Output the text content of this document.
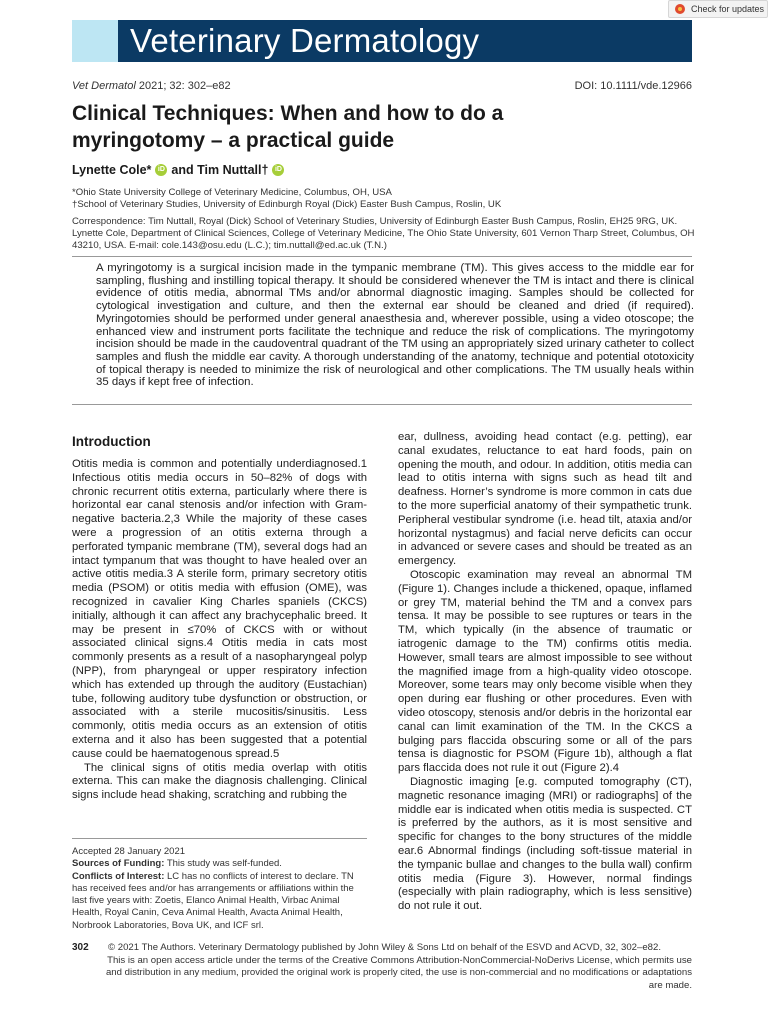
Check for updates
Veterinary Dermatology
Vet Dermatol 2021; 32: 302–e82	DOI: 10.1111/vde.12966
Clinical Techniques: When and how to do a myringotomy – a practical guide
Lynette Cole* iD and Tim Nuttall† iD
*Ohio State University College of Veterinary Medicine, Columbus, OH, USA
†School of Veterinary Studies, University of Edinburgh Royal (Dick) Easter Bush Campus, Roslin, UK
Correspondence: Tim Nuttall, Royal (Dick) School of Veterinary Studies, University of Edinburgh Easter Bush Campus, Roslin, EH25 9RG, UK. Lynette Cole, Department of Clinical Sciences, College of Veterinary Medicine, The Ohio State University, 601 Vernon Tharp Street, Columbus, OH 43210, USA. E-mail: cole.143@osu.edu (L.C.); tim.nuttall@ed.ac.uk (T.N.)
A myringotomy is a surgical incision made in the tympanic membrane (TM). This gives access to the middle ear for sampling, flushing and instilling topical therapy. It should be considered whenever the TM is intact and there is clinical evidence of otitis media, abnormal TMs and/or abnormal diagnostic imaging. Samples should be collected for cytological investigation and culture, and then the external ear should be cleaned and dried (if required). Myringotomies should be performed under general anaesthesia and, wherever possible, using a video otoscope; the enhanced view and instrument ports facilitate the technique and reduce the risk of complications. The myringotomy incision should be made in the caudoventral quadrant of the TM using an appropriately sized urinary catheter to collect samples and flush the middle ear cavity. A thorough understanding of the anatomy, technique and potential ototoxicity of topical therapy is needed to minimize the risk of neurological and other complications. The TM usually heals within 35 days if kept free of infection.
Introduction

Otitis media is common and potentially underdiagnosed.1 Infectious otitis media occurs in 50–82% of dogs with chronic recurrent otitis externa, particularly where there is horizontal ear canal stenosis and/or infection with Gram-negative bacteria.2,3 While the majority of these cases were a progression of an otitis externa through a perforated tympanic membrane (TM), several dogs had an intact tympanum that was thought to have healed over an active otitis media.3 A sterile form, primary secretory otitis media (PSOM) or otitis media with effusion (OME), was recognized in cavalier King Charles spaniels (CKCS) initially, although it can affect any brachycephalic breed. It may be present in ≤70% of CKCS with or without associated clinical signs.4 Otitis media in cats most commonly presents as a result of a nasopharyngeal polyp (NPP), from pharyngeal or upper respiratory infection which has extended up through the auditory (Eustachian) tube, following auditory tube dysfunction or obstruction, or associated with a sterile mucositis/sinusitis. Less commonly, otitis media occurs as an extension of otitis externa and it also has been suggested that a potential cause could be haematogenous spread.5

The clinical signs of otitis media overlap with otitis externa. This can make the diagnosis challenging. Clinical signs include head shaking, scratching and rubbing the

ear, dullness, avoiding head contact (e.g. petting), ear canal exudates, reluctance to eat hard foods, pain on opening the mouth, and odour. In addition, otitis media can lead to otitis interna with signs such as head tilt and deafness. Horner’s syndrome is more common in cats due to the more superficial anatomy of their sympathetic trunk. Peripheral vestibular syndrome (i.e. head tilt, ataxia and/or horizontal nystagmus) and facial nerve deficits can occur in advanced or severe cases and should be treated as an emergency.

Otoscopic examination may reveal an abnormal TM (Figure 1). Changes include a thickened, opaque, inflamed or grey TM, material behind the TM and a convex pars tensa. It may be possible to see ruptures or tears in the TM, which typically (in the absence of traumatic or iatrogenic damage to the TM) confirms otitis media. However, small tears are almost impossible to see without the magnified image from a high-quality video otoscope. Moreover, some tears may only become visible when they open during ear flushing or other procedures. Even with video otoscopy, stenosis and/or debris in the horizontal ear canal can limit examination of the TM. In the CKCS a bulging pars flaccida obscuring some or all of the pars tensa is diagnostic for PSOM (Figure 1b), although a flat pars flaccida does not rule it out (Figure 2).4

Diagnostic imaging [e.g. computed tomography (CT), magnetic resonance imaging (MRI) or radiographs] of the middle ear is indicated when otitis media is suspected. CT is preferred by the authors, as it is most sensitive and specific for changes to the bony structures of the middle ear.6 Abnormal findings (including soft-tissue material in the tympanic bullae and changes to the bulla wall) confirm otitis media (Figure 3). However, normal findings (especially with plain radiography, which is less sensitive) do not rule it out.

Accepted 28 January 2021

Sources of Funding: This study was self-funded.

Conflicts of Interest: LC has no conflicts of interest to declare. TN has received fees and/or has arrangements or affiliations within the last five years with: Zoetis, Elanco Animal Health, Virbac Animal Health, Royal Canin, Ceva Animal Health, Avacta Animal Health, Norbrook Laboratories, Bova UK, and ICF srl.

302 © 2021 The Authors. Veterinary Dermatology published by John Wiley & Sons Ltd on behalf of the ESVD and ACVD, 32, 302–e82.
This is an open access article under the terms of the Creative Commons Attribution-NonCommercial-NoDerivs License, which permits use and distribution in any medium, provided the original work is properly cited, the use is non-commercial and no modifications or adaptations are made.
